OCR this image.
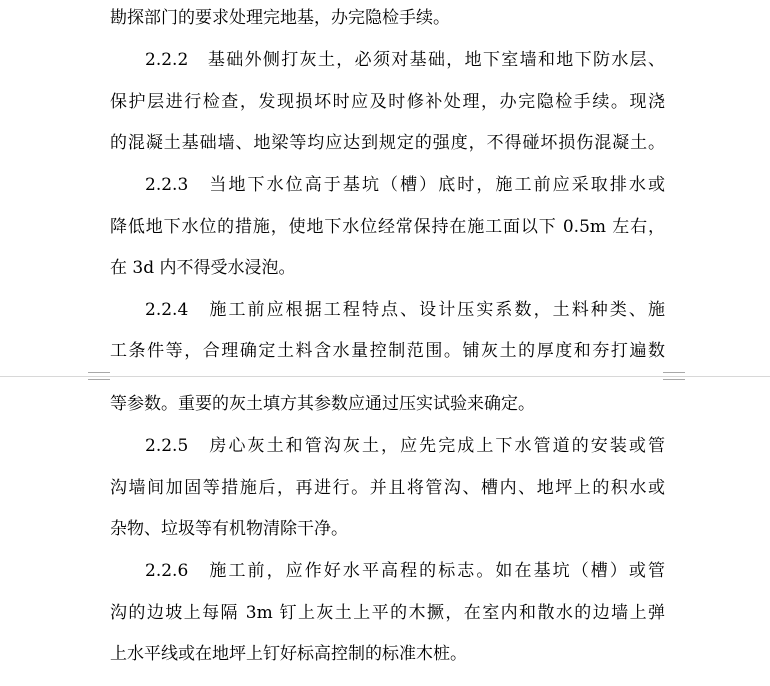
勘探部门的要求处理完地基，办完隐检手续。
2.2.2　基础外侧打灰土，必须对基础，地下室墙和地下防水层、
保护层进行检查，发现损坏时应及时修补处理，办完隐检手续。现浇
的混凝土基础墙、地梁等均应达到规定的强度，不得碰坏损伤混凝土。
2.2.3　当地下水位高于基坑（槽）底时，施工前应采取排水或
降低地下水位的措施，使地下水位经常保持在施工面以下 0.5m 左右，
在 3d 内不得受水浸泡。
2.2.4　施工前应根据工程特点、设计压实系数，土料种类、施
工条件等，合理确定土料含水量控制范围。铺灰土的厚度和夯打遍数
等参数。重要的灰土填方其参数应通过压实试验来确定。
2.2.5　房心灰土和管沟灰土，应先完成上下水管道的安装或管
沟墙间加固等措施后，再进行。并且将管沟、槽内、地坪上的积水或
杂物、垃圾等有机物清除干净。
2.2.6　施工前，应作好水平高程的标志。如在基坑（槽）或管
沟的边坡上每隔 3m 钉上灰土上平的木撅，在室内和散水的边墙上弹
上水平线或在地坪上钉好标高控制的标准木桩。
